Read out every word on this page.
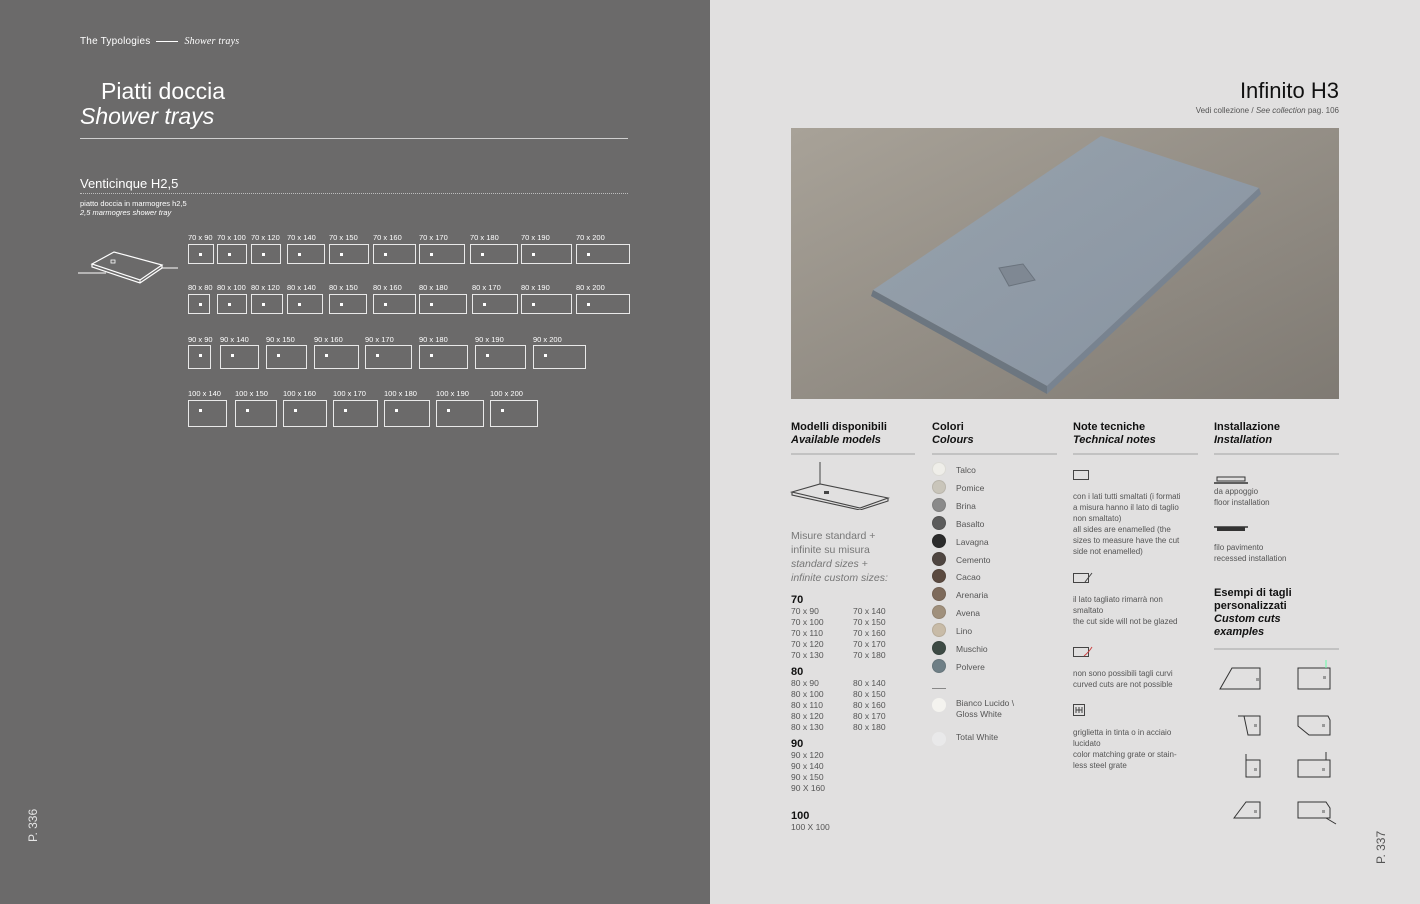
The Typologies	Shower trays
Piatti doccia
Shower trays
Venticinque H2,5
piatto doccia in marmogres h2,5
2,5 marmogres shower tray
70 x 90 70 x 100 70 x 120 70 x 140 70 x 150 70 x 160 70 x 170	70 x 180	70 x 190	70 x 200
80 x 80 80 x 100 80 x 120 80 x 140 80 x 150 80 x 160 80 x 180	80 x 170	80 x 190	80 x 200
90 x 90 90 x 140 90 x 150	90 x 160	90 x 170	90 x 180	90 x 190	90 x 200
100 x 140 100 x 150 100 x 160 100 x 170 100 x 180	100 x 190	100 x 200
P. 336
Infinito H3
Vedi collezione / See collection pag. 106
Modelli disponibili
Available models
Misure standard +
infinite su misura
standard sizes +
infinite custom sizes:
70
70 x 90
70 x 100
70 x 110
70 x 120
70 x 130
70 x 140
70 x 150
70 x 160
70 x 170
70 x 180
80
80 x 90
80 x 100
80 x 110
80 x 120
80 x 130
80 x 140
80 x 150
80 x 160
80 x 170
80 x 180
90
90 x 120
90 x 140
90 x 150
90 X 160
100
100 X 100
Colori
Colours
Talco
Pomice
Brina
Basalto
Lavagna
Cemento
Cacao
Arenaria
Avena
Lino
Muschio
Polvere
Bianco Lucido \
Gloss White
Total White
Note tecniche
Technical notes
con i lati tutti smaltati (i formati
a misura hanno il lato di taglio
non smaltato)
all sides are enamelled (the
sizes to measure have the cut
side not enamelled)
il lato tagliato rimarrà non
smaltato
the cut side will not be glazed
non sono possibili tagli curvi
curved cuts are not possible
griglietta in tinta o in acciaio
lucidato
color matching grate or stain-
less steel grate
Installazione
Installation
da appoggio
floor installation
filo pavimento
recessed installation
Esempi di tagli
personalizzati
Custom cuts
examples
P. 337
